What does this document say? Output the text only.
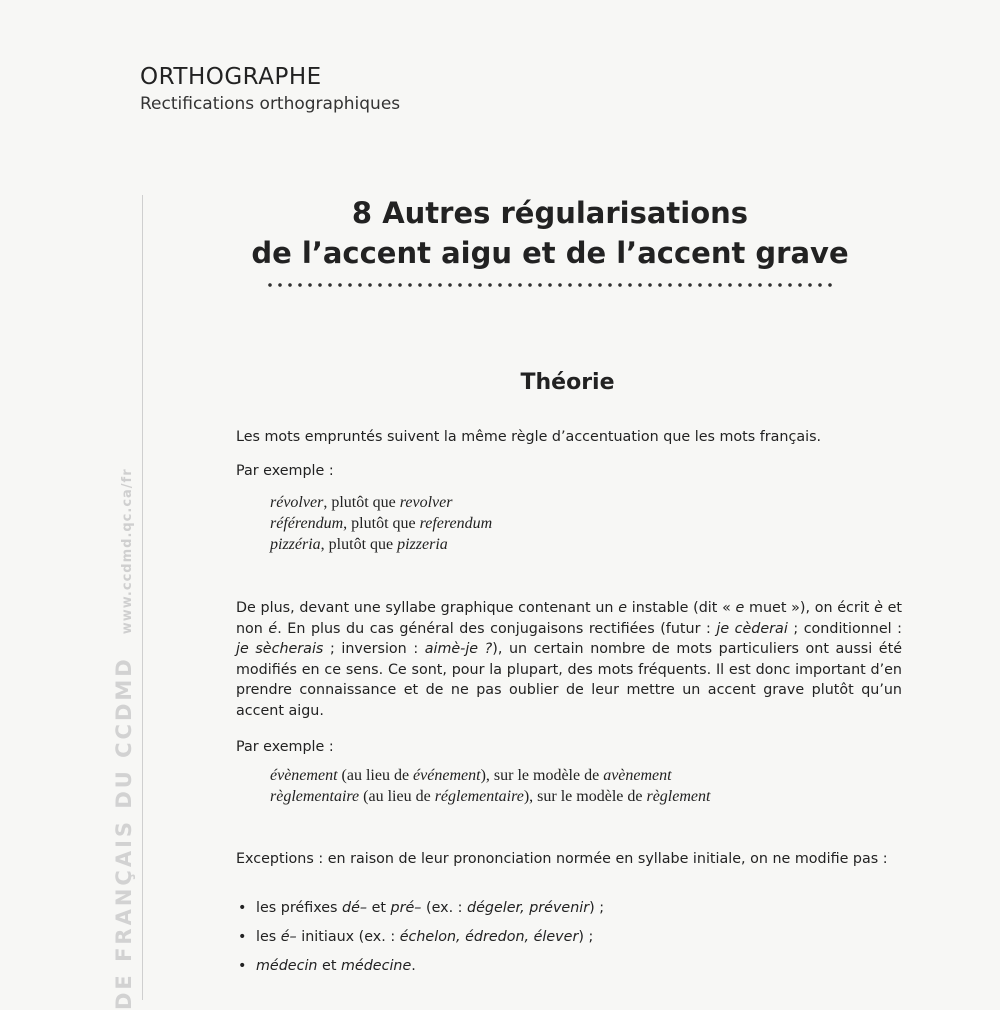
ORTHOGRAPHE
Rectifications orthographiques
DE FRANÇAIS DU CCDMDwww.ccdmd.qc.ca/fr
8 Autres régularisations
de l’accent aigu et de l’accent grave
Théorie
Les mots empruntés suivent la même règle d’accentuation que les mots français.
Par exemple :
révolver, plutôt que revolver
référendum, plutôt que referendum
pizzéria, plutôt que pizzeria
De plus, devant une syllabe graphique contenant un e instable (dit « e muet »), on écrit è et non é. En plus du cas général des conjugaisons rectifiées (futur : je cèderai ; conditionnel : je sècherais ; inversion : aimè-je ?), un certain nombre de mots particuliers ont aussi été modifiés en ce sens. Ce sont, pour la plupart, des mots fréquents. Il est donc important d’en prendre connaissance et de ne pas oublier de leur mettre un accent grave plutôt qu’un accent aigu.
Par exemple :
évènement (au lieu de événement), sur le modèle de avènement
règlementaire (au lieu de réglementaire), sur le modèle de règlement
Exceptions : en raison de leur prononciation normée en syllabe initiale, on ne modifie pas :
• les préfixes dé– et pré– (ex. : dégeler, prévenir) ;
• les é– initiaux (ex. : échelon, édredon, élever) ;
• médecin et médecine.
